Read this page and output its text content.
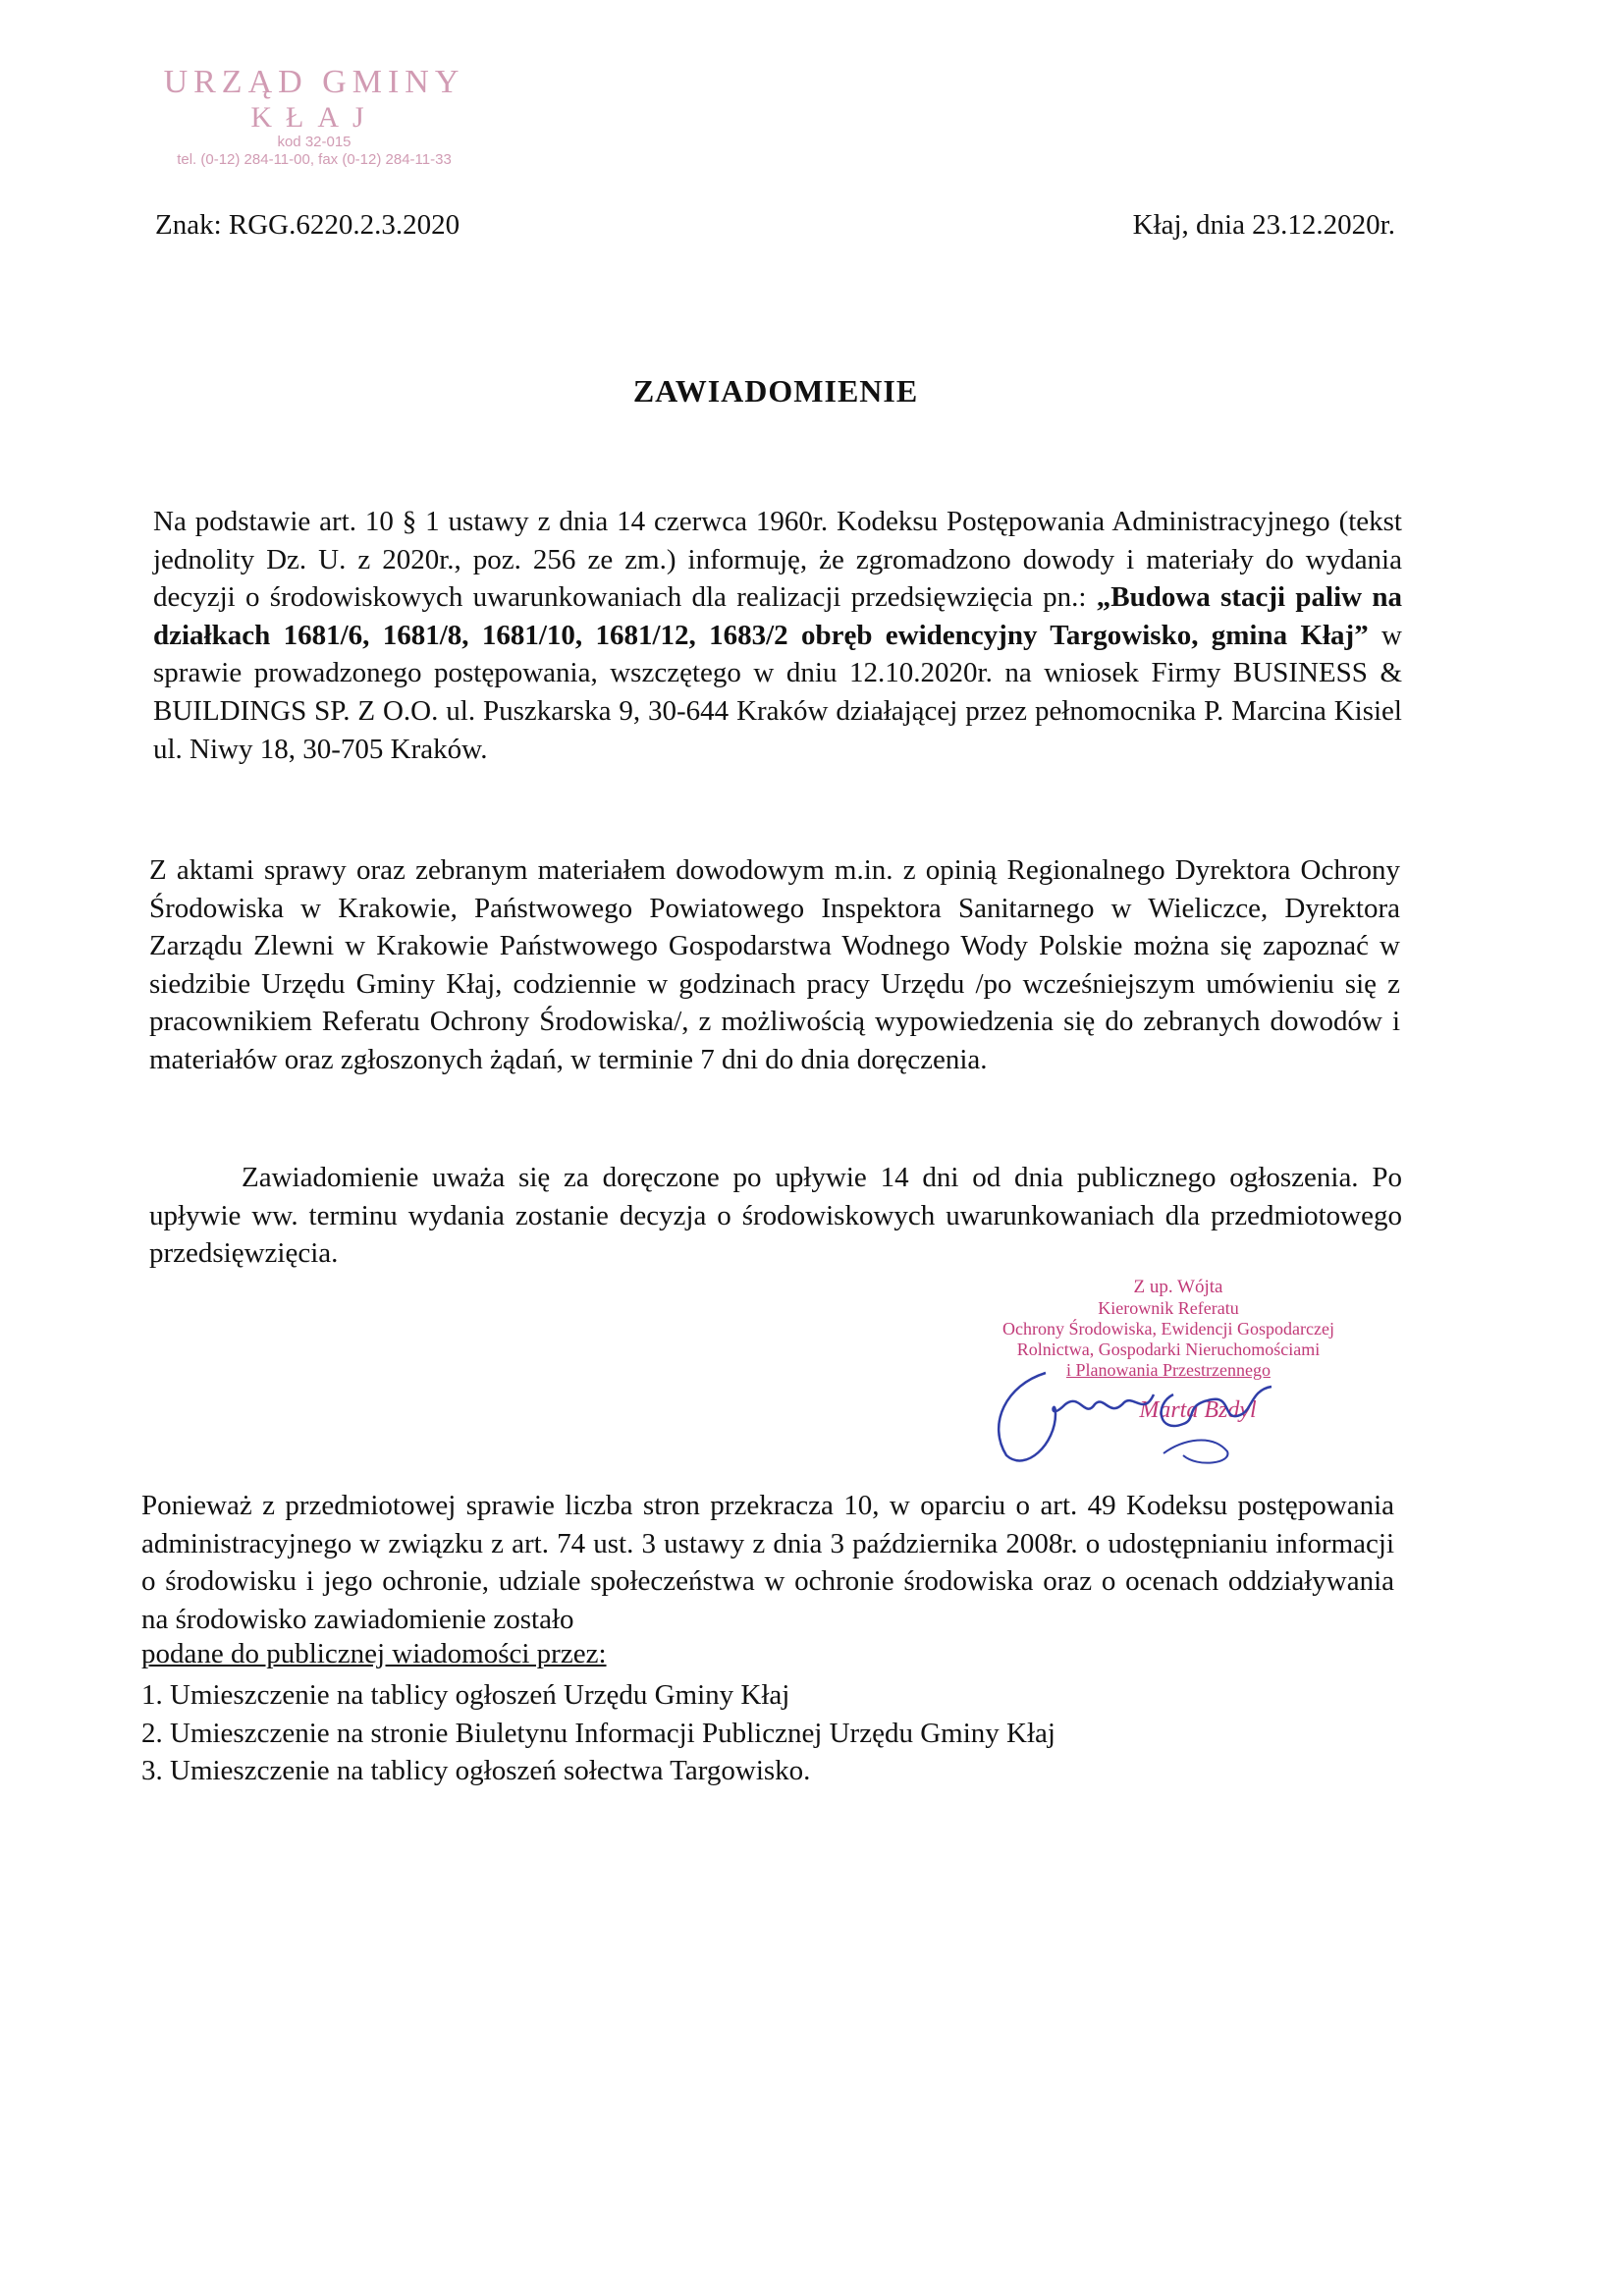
URZĄD GMINY
KŁAJ
kod 32-015
tel. (0-12) 284-11-00, fax (0-12) 284-11-33
Znak: RGG.6220.2.3.2020	Kłaj, dnia 23.12.2020r.
ZAWIADOMIENIE
Na podstawie art. 10 § 1 ustawy z dnia 14 czerwca 1960r. Kodeksu Postępowania Administracyjnego (tekst jednolity Dz. U. z 2020r., poz. 256 ze zm.) informuję, że zgromadzono dowody i materiały do wydania decyzji o środowiskowych uwarunkowaniach dla realizacji przedsięwzięcia pn.: „Budowa stacji paliw na działkach 1681/6, 1681/8, 1681/10, 1681/12, 1683/2 obręb ewidencyjny Targowisko, gmina Kłaj” w sprawie prowadzonego postępowania, wszczętego w dniu 12.10.2020r. na wniosek Firmy BUSINESS & BUILDINGS SP. Z O.O. ul. Puszkarska 9, 30-644 Kraków działającej przez pełnomocnika P. Marcina Kisiel ul. Niwy 18, 30-705 Kraków.
Z aktami sprawy oraz zebranym materiałem dowodowym m.in. z opinią Regionalnego Dyrektora Ochrony Środowiska w Krakowie, Państwowego Powiatowego Inspektora Sanitarnego w Wieliczce, Dyrektora Zarządu Zlewni w Krakowie Państwowego Gospodarstwa Wodnego Wody Polskie można się zapoznać w siedzibie Urzędu Gminy Kłaj, codziennie w godzinach pracy Urzędu /po wcześniejszym umówieniu się z pracownikiem Referatu Ochrony Środowiska/, z możliwością wypowiedzenia się do zebranych dowodów i materiałów oraz zgłoszonych żądań, w terminie 7 dni do dnia doręczenia.
Zawiadomienie uważa się za doręczone po upływie 14 dni od dnia publicznego ogłoszenia. Po upływie ww. terminu wydania zostanie decyzja o środowiskowych uwarunkowaniach dla przedmiotowego przedsięwzięcia.
Z up. Wójta
Kierownik Referatu
Ochrony Środowiska, Ewidencji Gospodarczej
Rolnictwa, Gospodarki Nieruchomościami
i Planowania Przestrzennego
Marta Bzdyl
Ponieważ z przedmiotowej sprawie liczba stron przekracza 10, w oparciu o art. 49 Kodeksu postępowania administracyjnego w związku z art. 74 ust. 3 ustawy z dnia 3 października 2008r. o udostępnianiu informacji o środowisku i jego ochronie, udziale społeczeństwa w ochronie środowiska oraz o ocenach oddziaływania na środowisko zawiadomienie zostało
podane do publicznej wiadomości przez:
1. Umieszczenie na tablicy ogłoszeń Urzędu Gminy Kłaj
2. Umieszczenie na stronie Biuletynu Informacji Publicznej Urzędu Gminy Kłaj
3. Umieszczenie na tablicy ogłoszeń sołectwa Targowisko.
